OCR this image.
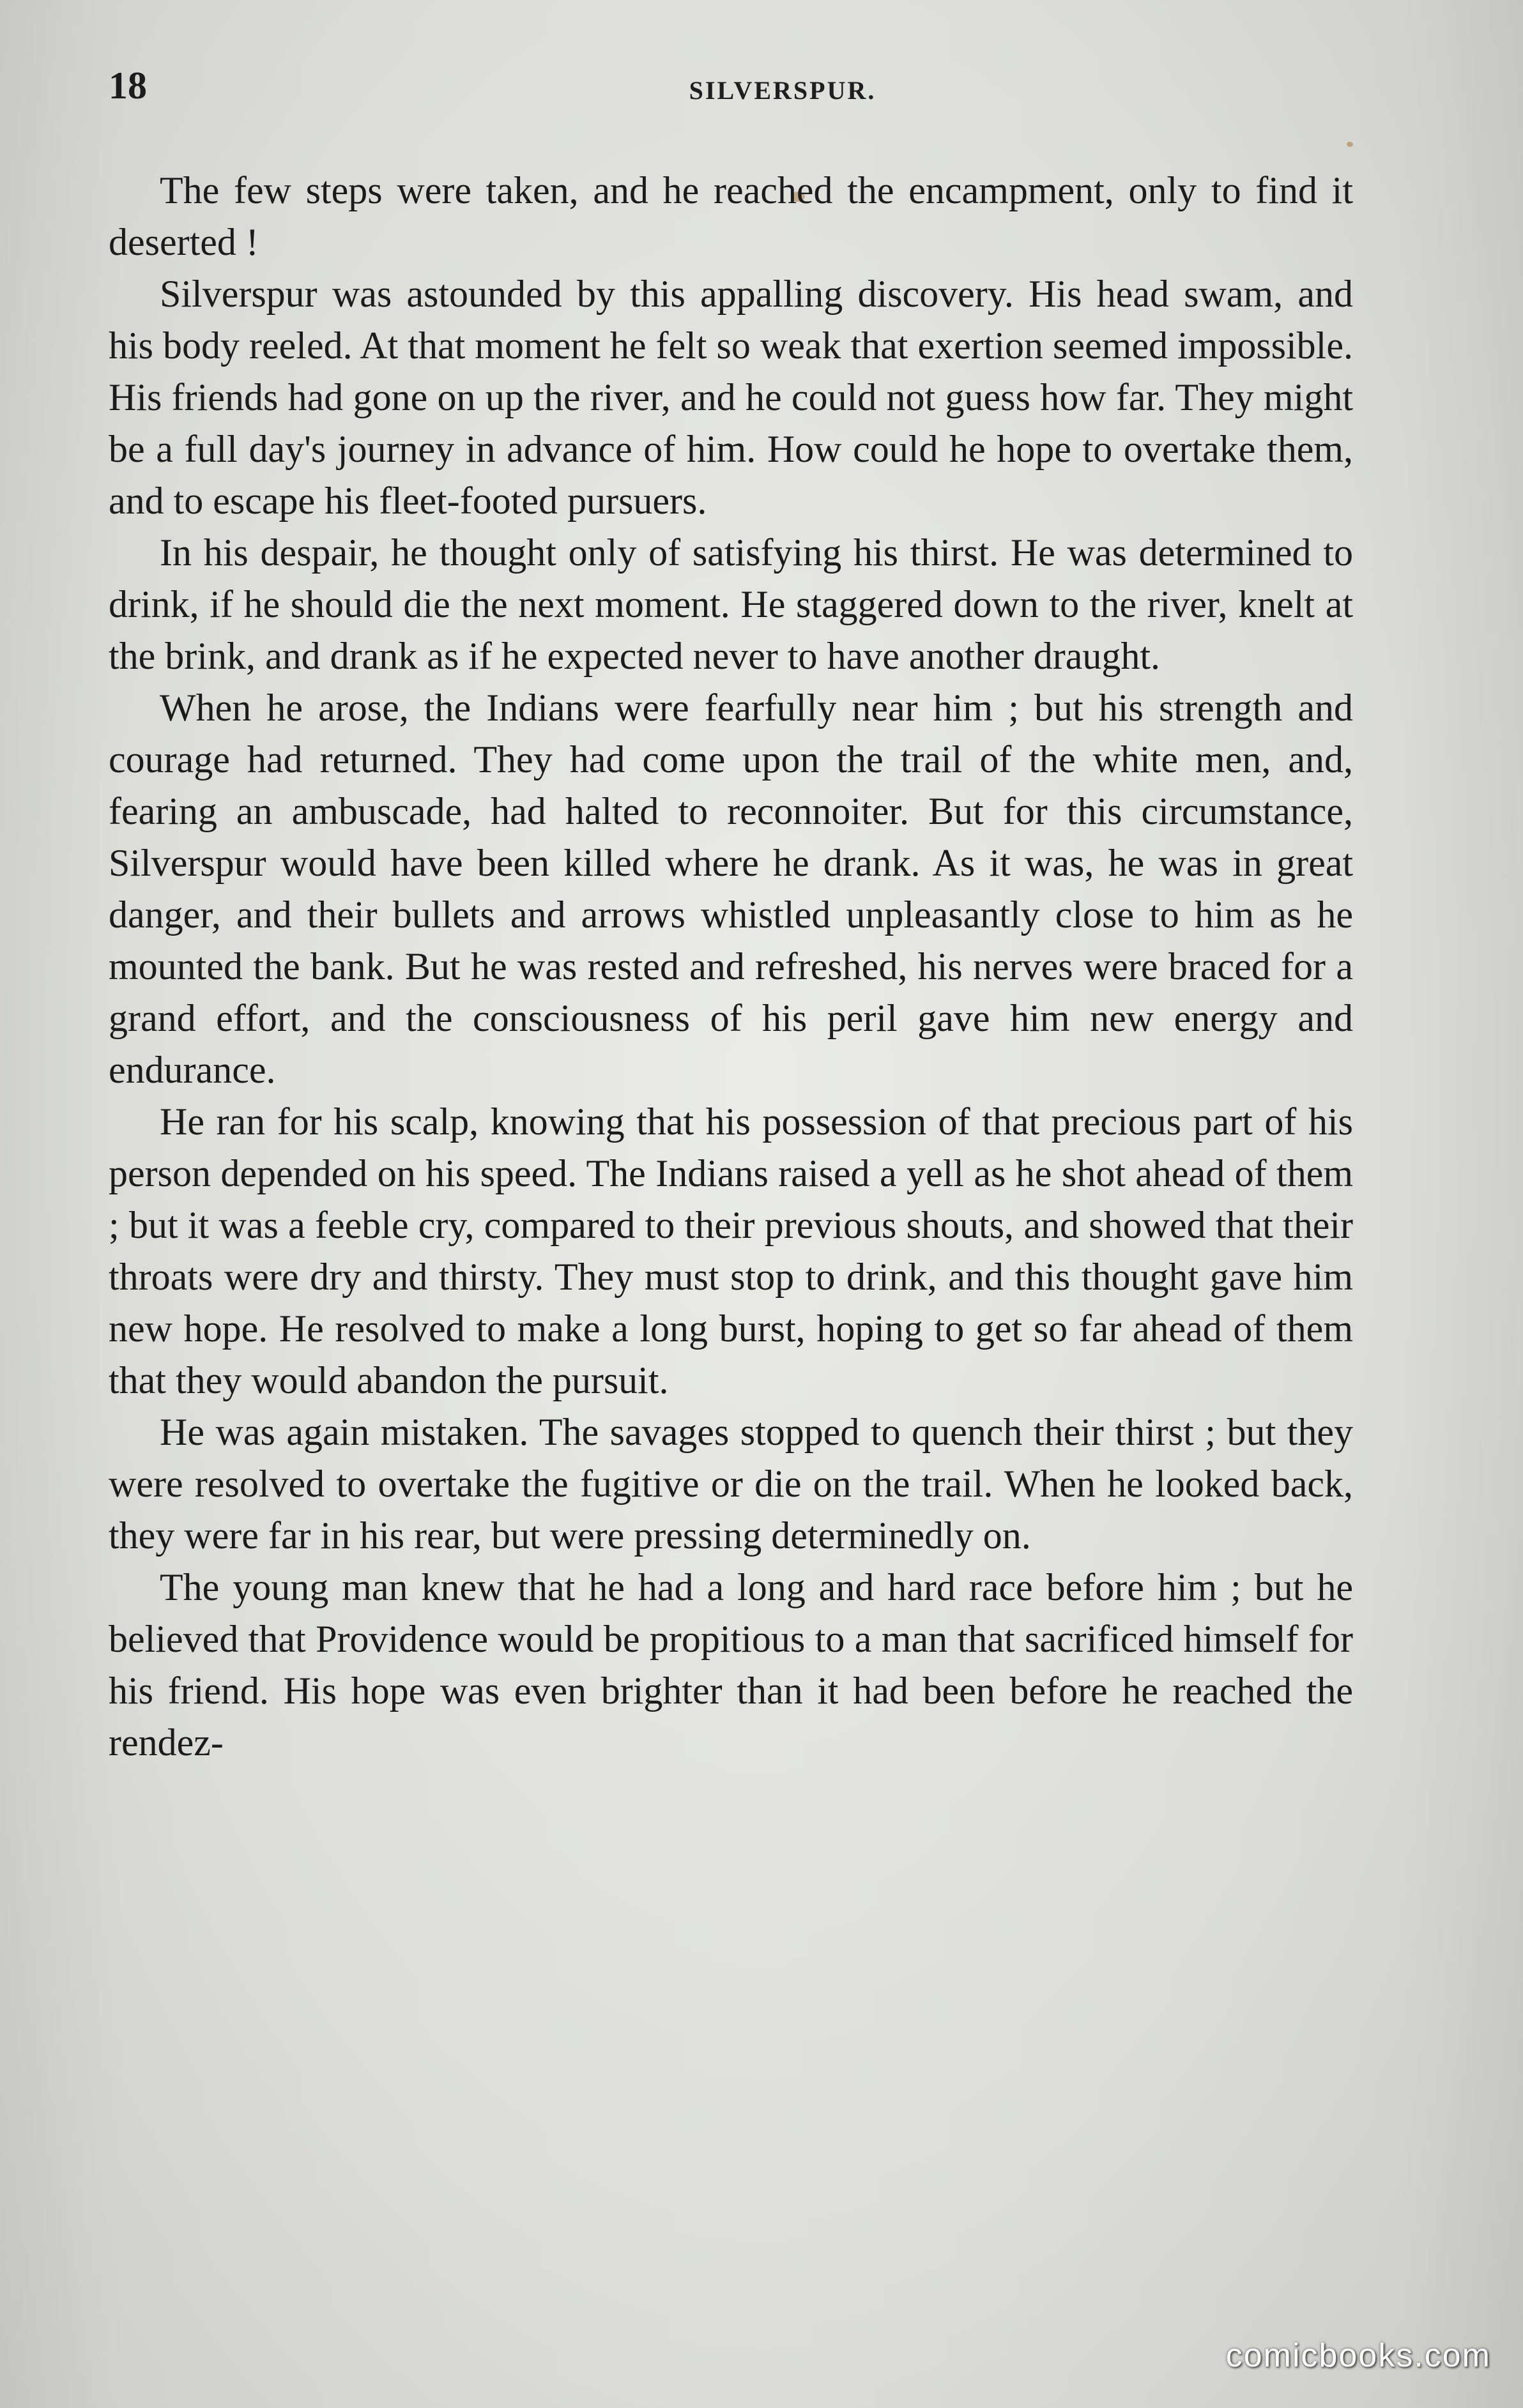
18	SILVERSPUR.

The few steps were taken, and he reached the encampment, only to find it deserted !

Silverspur was astounded by this appalling discovery. His head swam, and his body reeled. At that moment he felt so weak that exertion seemed impossible. His friends had gone on up the river, and he could not guess how far. They might be a full day's journey in advance of him. How could he hope to overtake them, and to escape his fleet-footed pursuers.

In his despair, he thought only of satisfying his thirst. He was determined to drink, if he should die the next moment. He staggered down to the river, knelt at the brink, and drank as if he expected never to have another draught.

When he arose, the Indians were fearfully near him ; but his strength and courage had returned. They had come upon the trail of the white men, and, fearing an ambuscade, had halted to reconnoiter. But for this circumstance, Silverspur would have been killed where he drank. As it was, he was in great danger, and their bullets and arrows whistled unpleasantly close to him as he mounted the bank. But he was rested and refreshed, his nerves were braced for a grand effort, and the consciousness of his peril gave him new energy and endurance.

He ran for his scalp, knowing that his possession of that precious part of his person depended on his speed. The Indians raised a yell as he shot ahead of them ; but it was a feeble cry, compared to their previous shouts, and showed that their throats were dry and thirsty. They must stop to drink, and this thought gave him new hope. He resolved to make a long burst, hoping to get so far ahead of them that they would abandon the pursuit.

He was again mistaken. The savages stopped to quench their thirst ; but they were resolved to overtake the fugitive or die on the trail. When he looked back, they were far in his rear, but were pressing determinedly on.

The young man knew that he had a long and hard race before him ; but he believed that Providence would be propitious to a man that sacrificed himself for his friend. His hope was even brighter than it had been before he reached the rendez-

comicbooks.com
